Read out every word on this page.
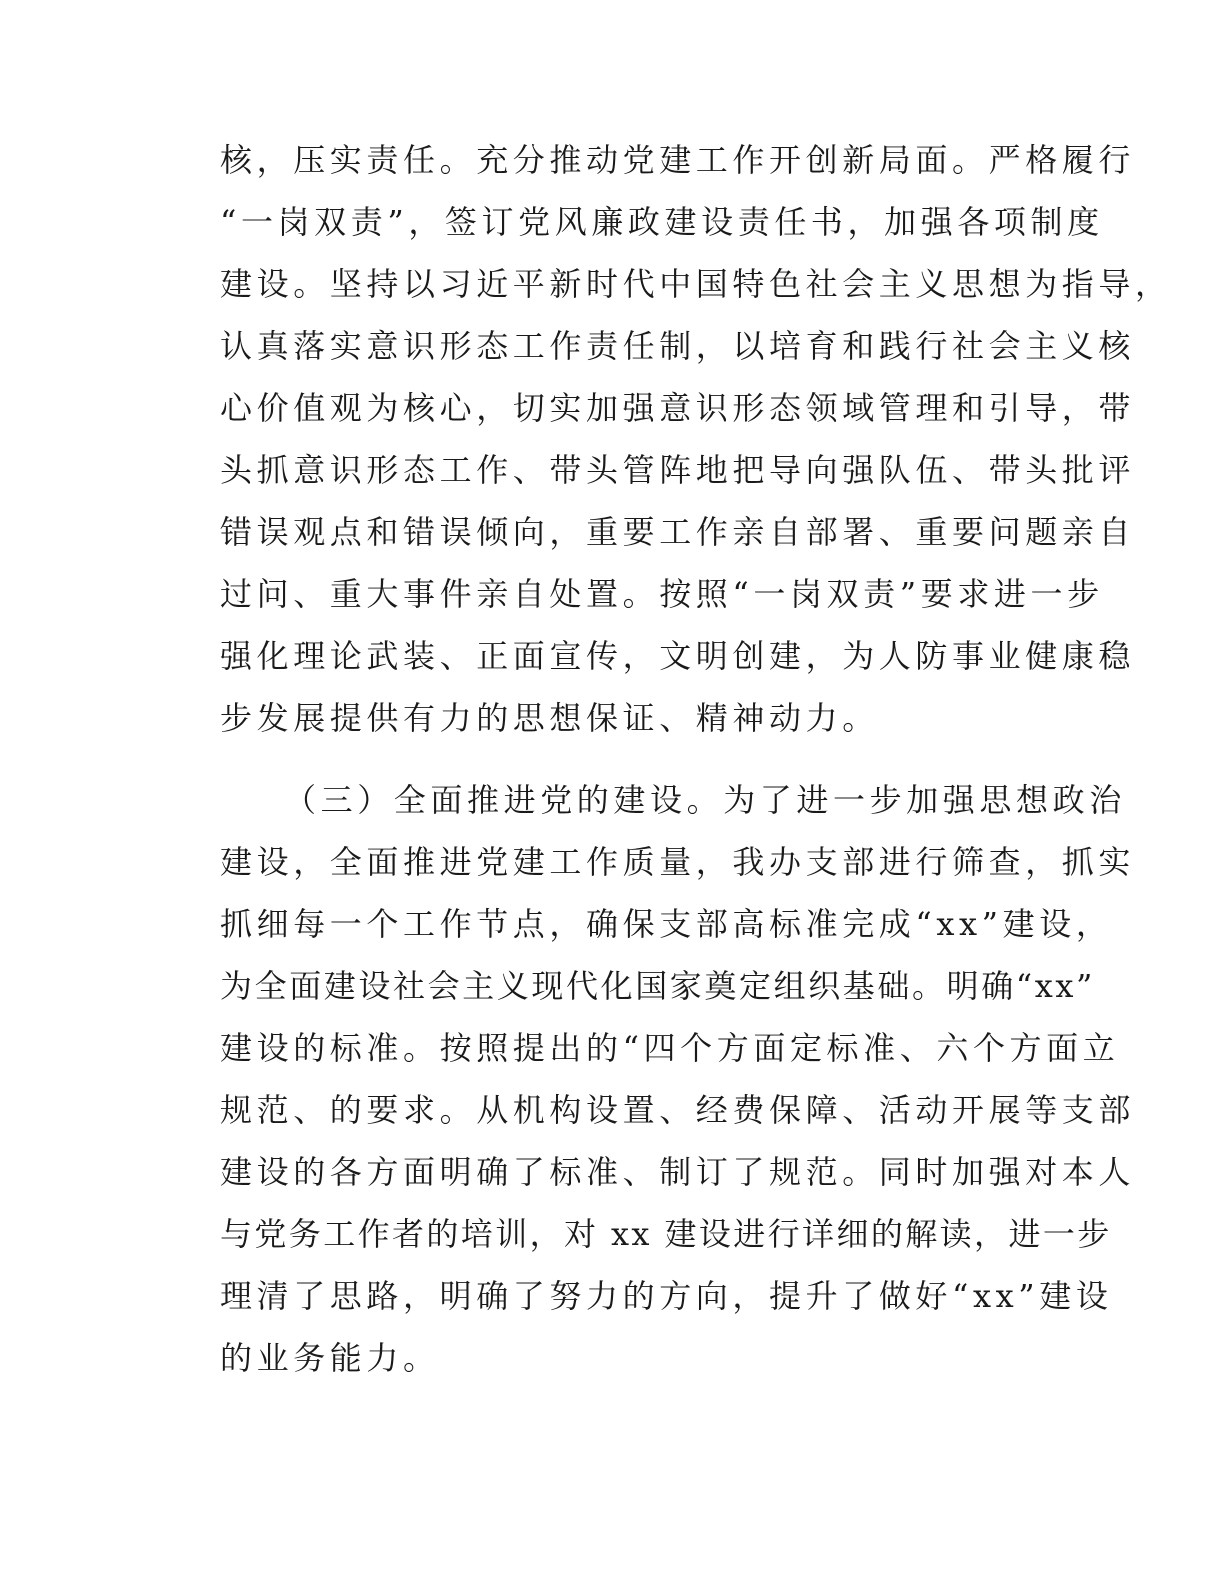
核，压实责任。充分推动党建工作开创新局面。严格履行
“一岗双责”，签订党风廉政建设责任书，加强各项制度
建设。坚持以习近平新时代中国特色社会主义思想为指导，
认真落实意识形态工作责任制，以培育和践行社会主义核
心价值观为核心，切实加强意识形态领域管理和引导，带
头抓意识形态工作、带头管阵地把导向强队伍、带头批评
错误观点和错误倾向，重要工作亲自部署、重要问题亲自
过问、重大事件亲自处置。按照“一岗双责”要求进一步
强化理论武装、正面宣传，文明创建，为人防事业健康稳
步发展提供有力的思想保证、精神动力。
（三）全面推进党的建设。为了进一步加强思想政治
建设，全面推进党建工作质量，我办支部进行筛查，抓实
抓细每一个工作节点，确保支部高标准完成“xx”建设，
为全面建设社会主义现代化国家奠定组织基础。明确“xx”
建设的标准。按照提出的“四个方面定标准、六个方面立
规范、的要求。从机构设置、经费保障、活动开展等支部
建设的各方面明确了标准、制订了规范。同时加强对本人
与党务工作者的培训，对 xx 建设进行详细的解读，进一步
理清了思路，明确了努力的方向，提升了做好“xx”建设
的业务能力。
